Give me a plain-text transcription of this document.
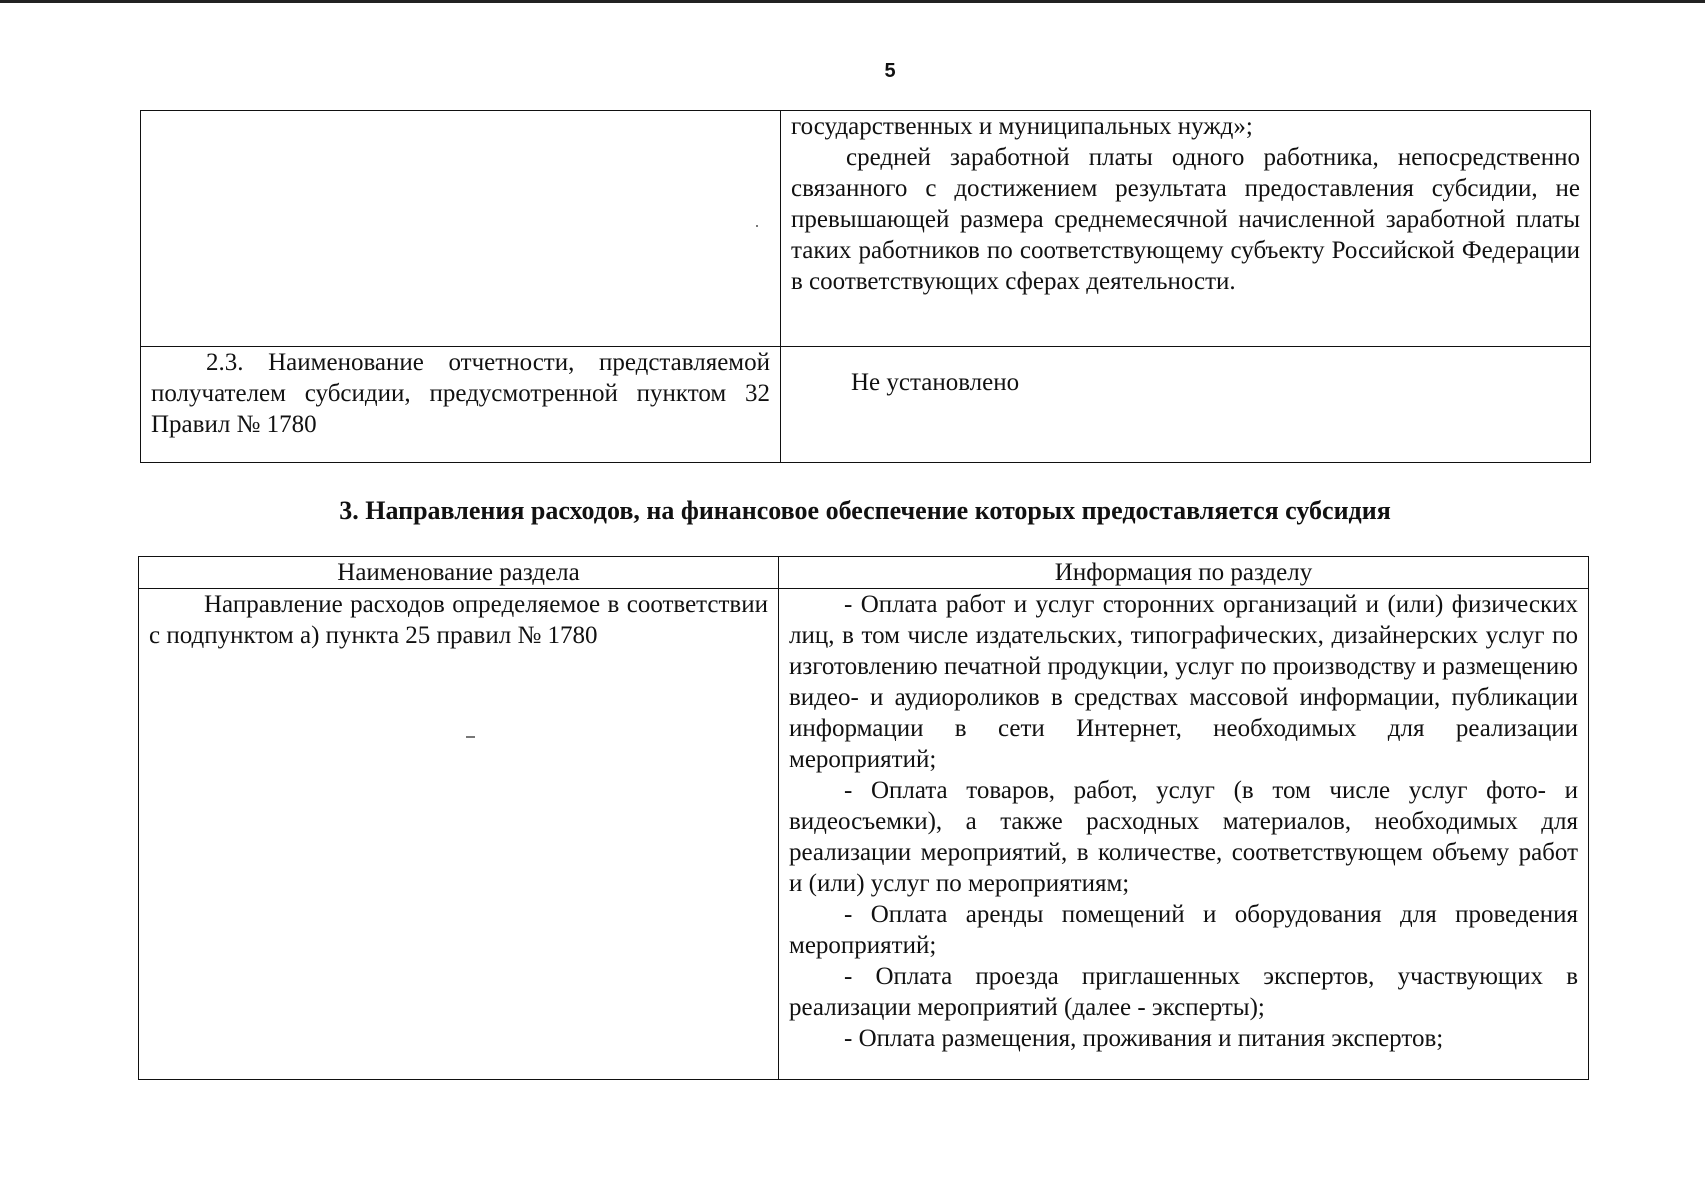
5

	государственных и муниципальных нужд»;
средней заработной платы одного работника, непосредственно связанного с достижением результата предоставления субсидии, не превышающей размера среднемесячной начисленной заработной платы таких работников по соответствующему субъекту Российской Федерации в соответствующих сферах деятельности.

2.3. Наименование отчетности, представляемой получателем субсидии, предусмотренной пунктом 32 Правил № 1780	Не установлено
3. Направления расходов, на финансовое обеспечение которых предоставляется субсидия
Наименование раздела	Информация по разделу

Направление расходов определяемое в соответствии с подпунктом а) пункта 25 правил № 1780	- Оплата работ и услуг сторонних организаций и (или) физических лиц, в том числе издательских, типографических, дизайнерских услуг по изготовлению печатной продукции, услуг по производству и размещению видео- и аудиороликов в средствах массовой информации, публикации информации в сети Интернет, необходимых для реализации мероприятий;
- Оплата товаров, работ, услуг (в том числе услуг фото- и видеосъемки), а также расходных материалов, необходимых для реализации мероприятий, в количестве, соответствующем объему работ и (или) услуг по мероприятиям;
- Оплата аренды помещений и оборудования для проведения мероприятий;
- Оплата проезда приглашенных экспертов, участвующих в реализации мероприятий (далее - эксперты);
- Оплата размещения, проживания и питания экспертов;
